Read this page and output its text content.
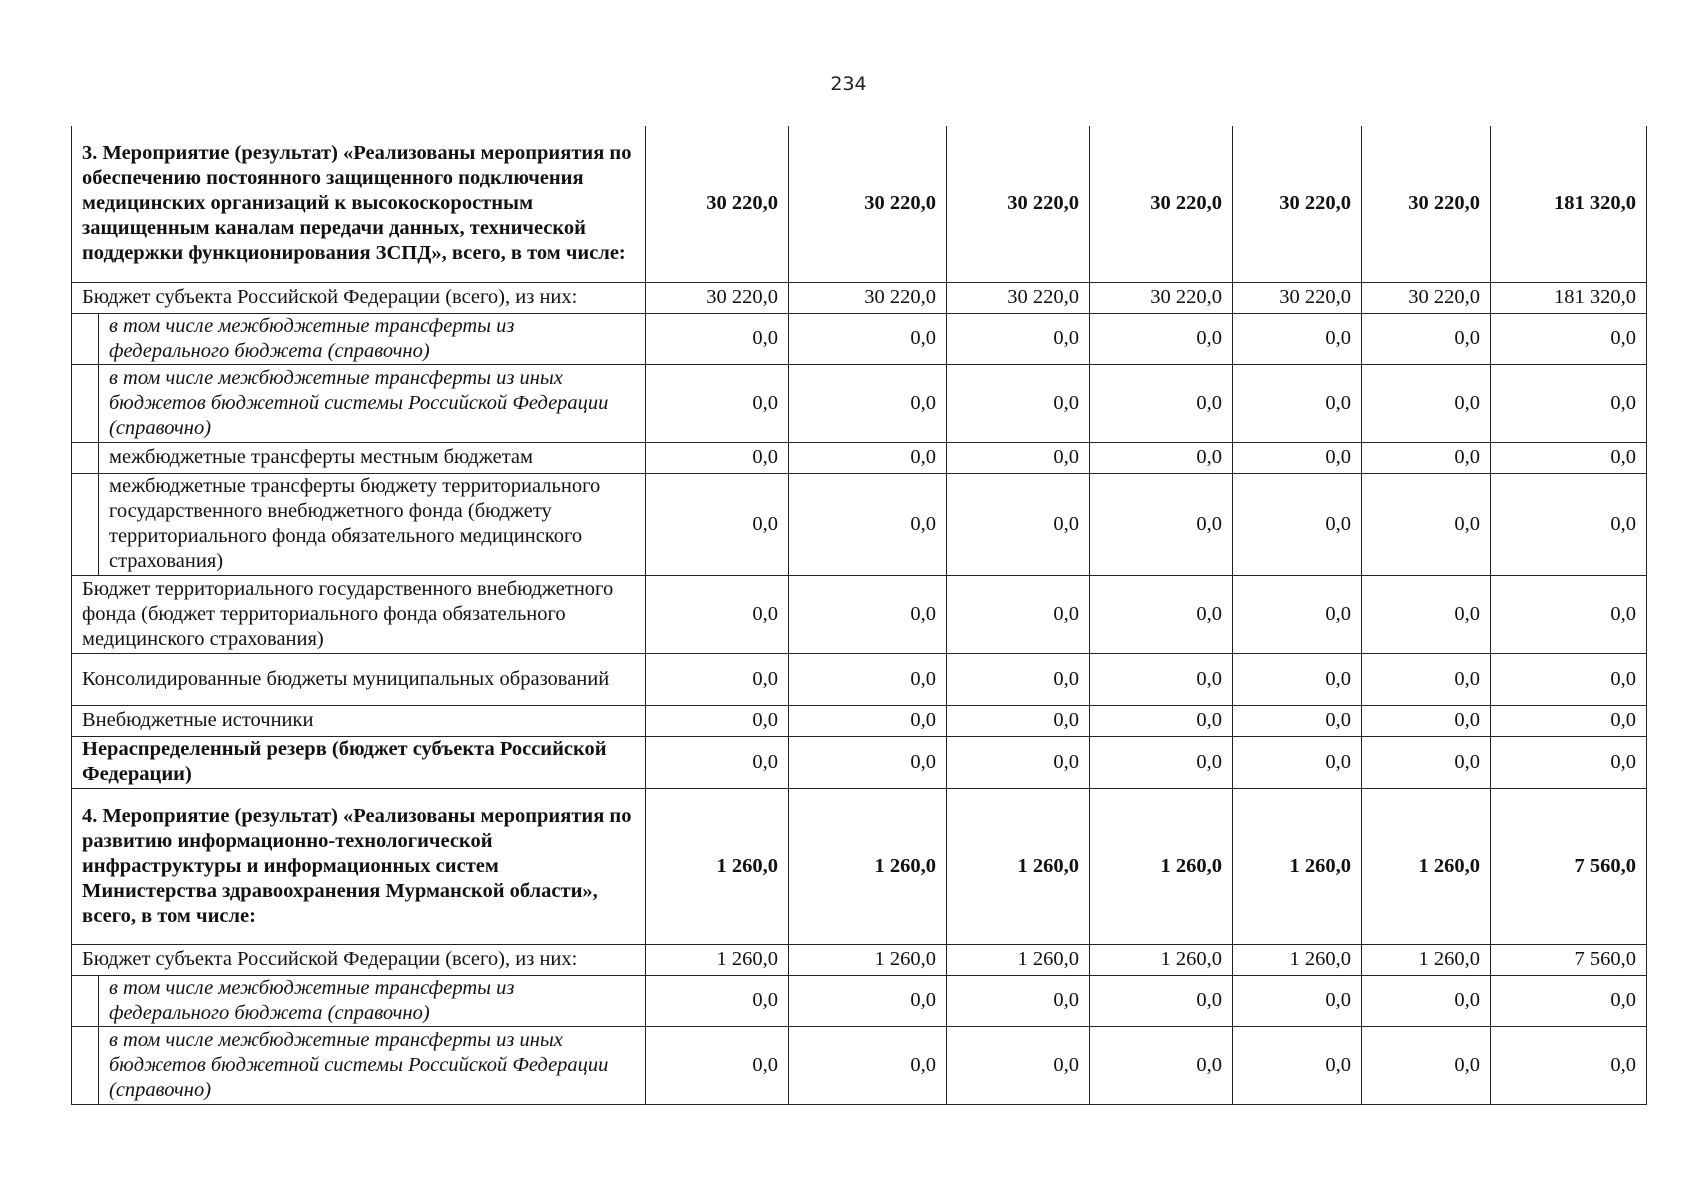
234
3. Мероприятие (результат) «Реализованы мероприятия по обеспечению постоянного защищенного подключения медицинских организаций к высокоскоростным защищенным каналам передачи данных, технической поддержки функционирования ЗСПД», всего, в том числе:		30 220,0	30 220,0	30 220,0	30 220,0	30 220,0	30 220,0	181 320,0
Бюджет субъекта Российской Федерации (всего), из них:		30 220,0	30 220,0	30 220,0	30 220,0	30 220,0	30 220,0	181 320,0
	в том числе межбюджетные трансферты из федерального бюджета (справочно)	0,0	0,0	0,0	0,0	0,0	0,0	0,0
	в том числе межбюджетные трансферты из иных бюджетов бюджетной системы Российской Федерации (справочно)	0,0	0,0	0,0	0,0	0,0	0,0	0,0
	межбюджетные трансферты местным бюджетам	0,0	0,0	0,0	0,0	0,0	0,0	0,0
	межбюджетные трансферты бюджету территориального государственного внебюджетного фонда (бюджету территориального фонда обязательного медицинского страхования)	0,0	0,0	0,0	0,0	0,0	0,0	0,0
Бюджет территориального государственного внебюджетного фонда (бюджет территориального фонда обязательного медицинского страхования)		0,0	0,0	0,0	0,0	0,0	0,0	0,0
Консолидированные бюджеты муниципальных образований		0,0	0,0	0,0	0,0	0,0	0,0	0,0
Внебюджетные источники		0,0	0,0	0,0	0,0	0,0	0,0	0,0
Нераспределенный резерв (бюджет субъекта Российской Федерации)		0,0	0,0	0,0	0,0	0,0	0,0	0,0
4. Мероприятие (результат) «Реализованы мероприятия по развитию информационно-технологической инфраструктуры и информационных систем Министерства здравоохранения Мурманской области», всего, в том числе:		1 260,0	1 260,0	1 260,0	1 260,0	1 260,0	1 260,0	7 560,0
Бюджет субъекта Российской Федерации (всего), из них:		1 260,0	1 260,0	1 260,0	1 260,0	1 260,0	1 260,0	7 560,0
	в том числе межбюджетные трансферты из федерального бюджета (справочно)	0,0	0,0	0,0	0,0	0,0	0,0	0,0
	в том числе межбюджетные трансферты из иных бюджетов бюджетной системы Российской Федерации (справочно)	0,0	0,0	0,0	0,0	0,0	0,0	0,0
